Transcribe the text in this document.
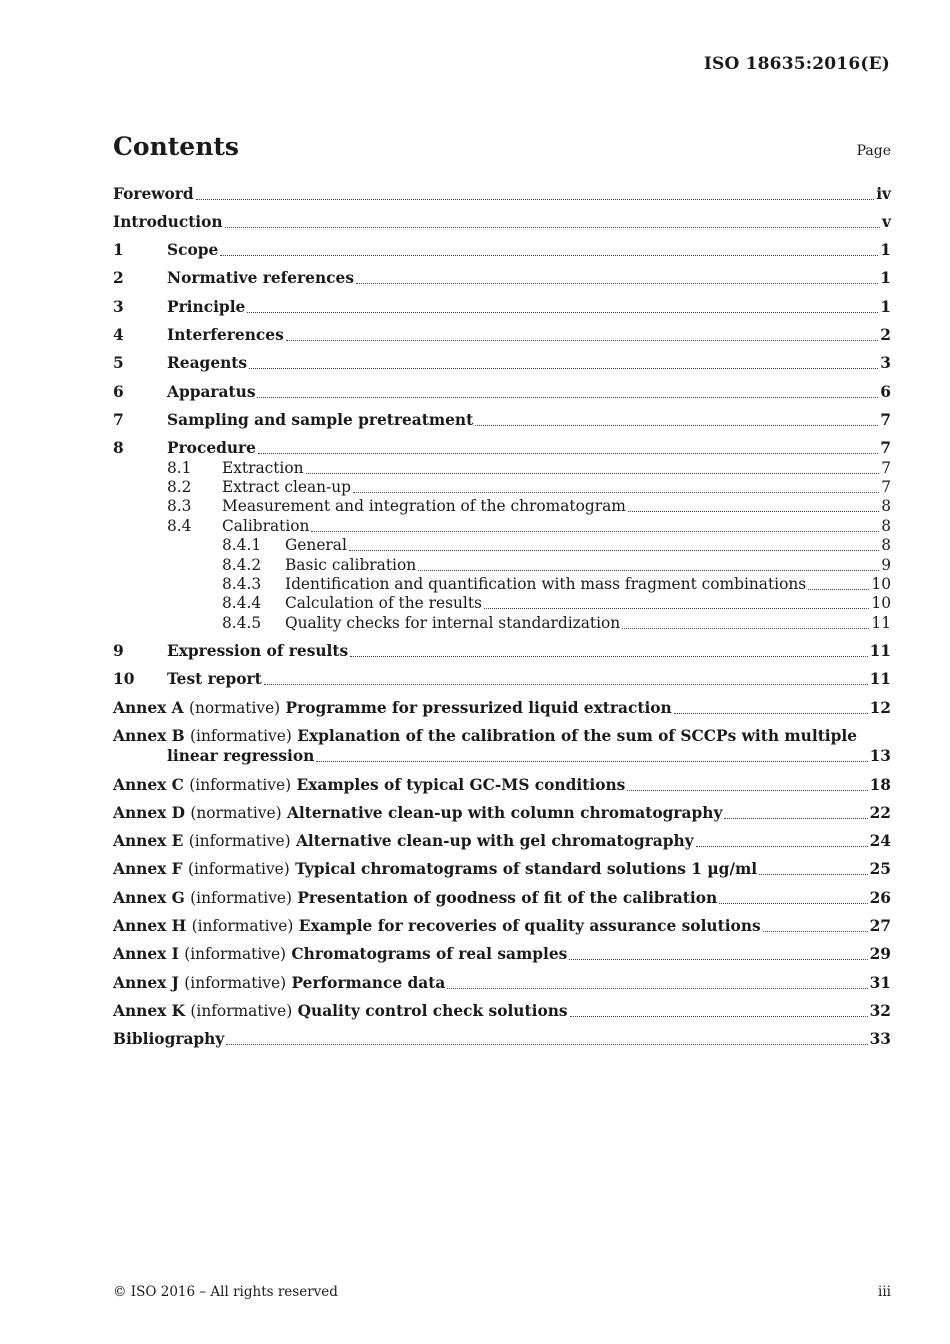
ISO 18635:2016(E)
Contents	Page
Foreword	iv
Introduction	v
1	Scope	1
2	Normative references	1
3	Principle	1
4	Interferences	2
5	Reagents	3
6	Apparatus	6
7	Sampling and sample pretreatment	7
8	Procedure	7
8.1	Extraction	7
8.2	Extract clean-up	7
8.3	Measurement and integration of the chromatogram	8
8.4	Calibration	8
8.4.1	General	8
8.4.2	Basic calibration	9
8.4.3	Identification and quantification with mass fragment combinations	10
8.4.4	Calculation of the results	10
8.4.5	Quality checks for internal standardization	11
9	Expression of results	11
10	Test report	11
Annex A (normative) Programme for pressurized liquid extraction	12
Annex B (informative) Explanation of the calibration of the sum of SCCPs with multiple
linear regression	13
Annex C (informative) Examples of typical GC-MS conditions	18
Annex D (normative) Alternative clean-up with column chromatography	22
Annex E (informative) Alternative clean-up with gel chromatography	24
Annex F (informative) Typical chromatograms of standard solutions 1 µg/ml	25
Annex G (informative) Presentation of goodness of fit of the calibration	26
Annex H (informative) Example for recoveries of quality assurance solutions	27
Annex I (informative) Chromatograms of real samples	29
Annex J (informative) Performance data	31
Annex K (informative) Quality control check solutions	32
Bibliography	33
© ISO 2016 – All rights reserved	iii
